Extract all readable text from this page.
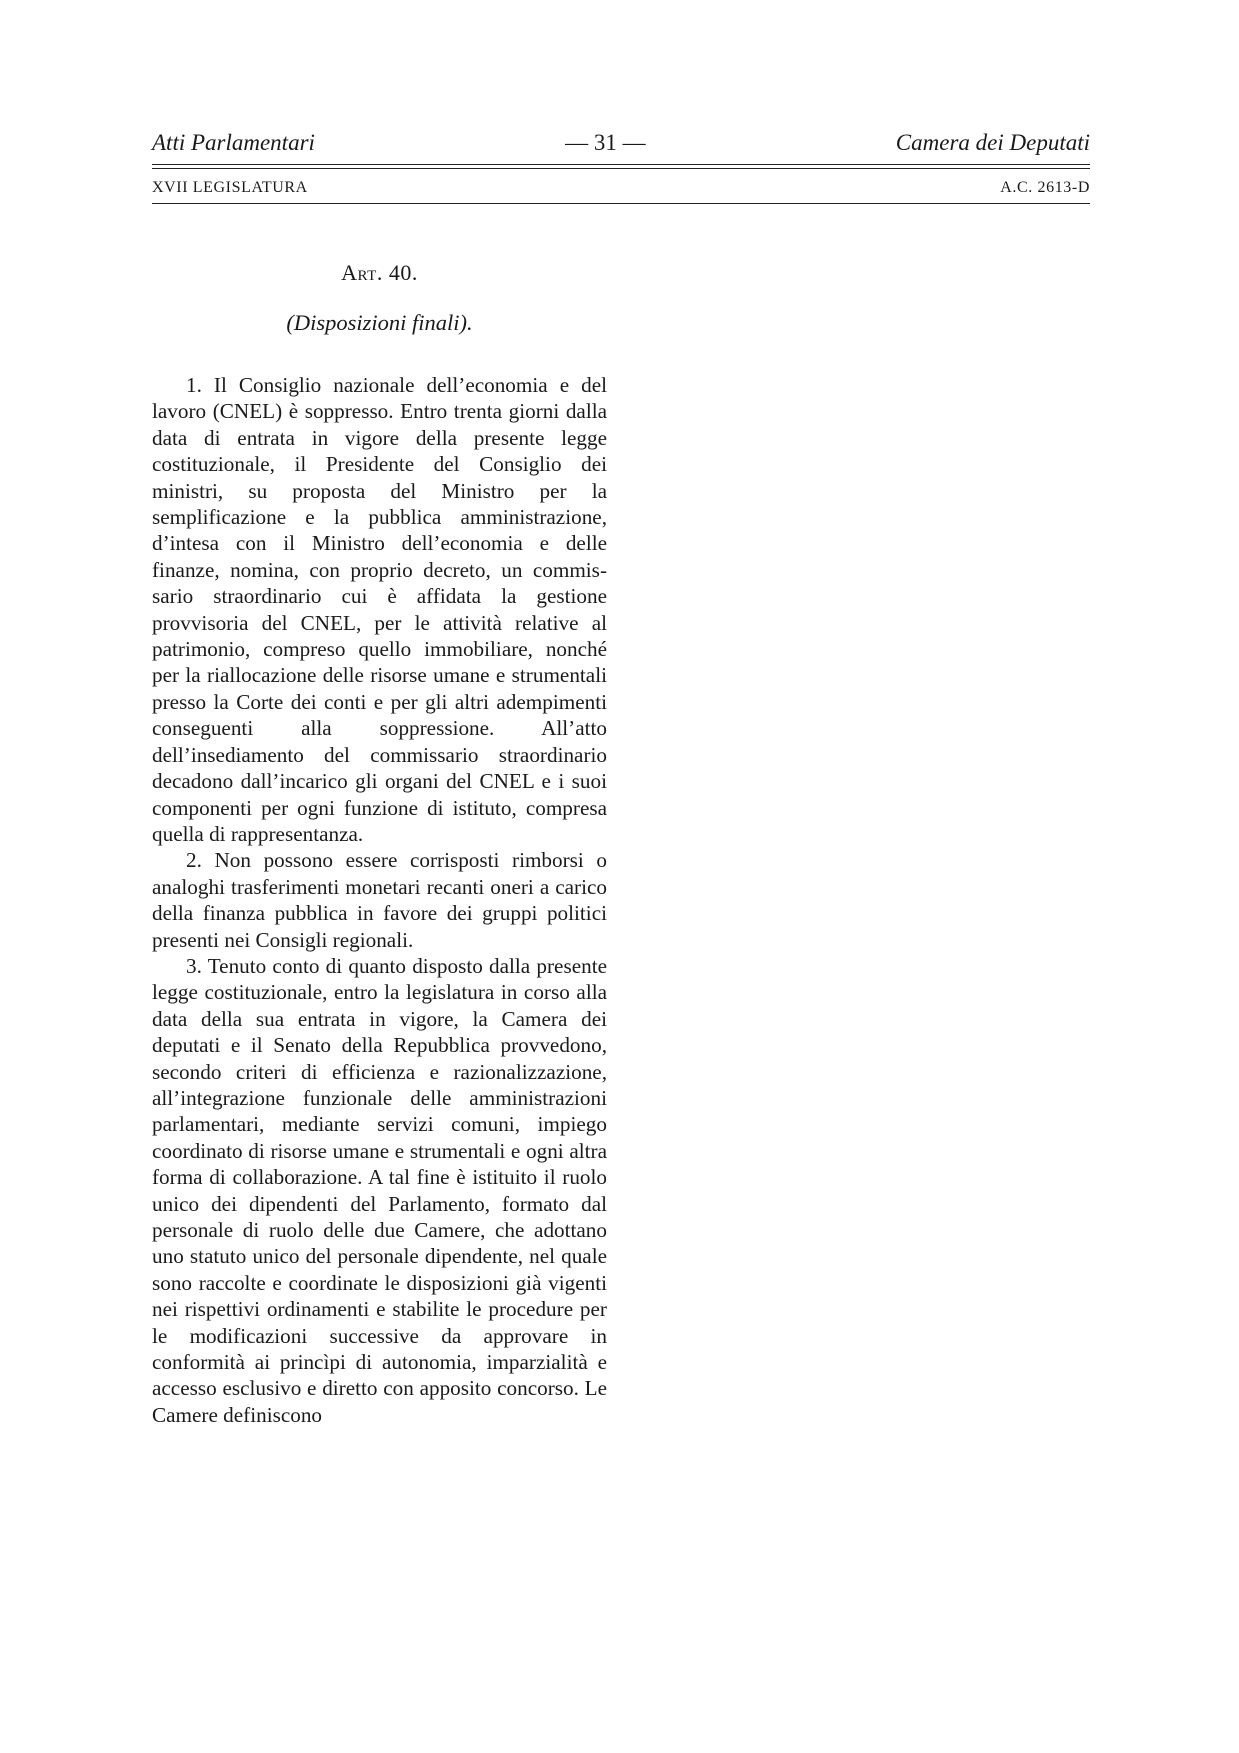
Atti Parlamentari	— 31 —	Camera dei Deputati
XVII LEGISLATURA	A.C. 2613-D
Art. 40.
(Disposizioni finali).

1. Il Consiglio nazionale dell’economia e del lavoro (CNEL) è soppresso. Entro trenta giorni dalla data di entrata in vigore della presente legge costituzionale, il Presidente del Consiglio dei ministri, su proposta del Ministro per la semplificazione e la pubblica amministrazione, d’intesa con il Ministro dell’economia e delle finanze, nomina, con proprio decreto, un commissario straordinario cui è affidata la gestione provvisoria del CNEL, per le attività relative al patrimonio, compreso quello immobiliare, nonché per la riallocazione delle risorse umane e strumentali presso la Corte dei conti e per gli altri adempimenti conseguenti alla soppressione. All’atto dell’insediamento del commissario straordinario decadono dall’incarico gli organi del CNEL e i suoi componenti per ogni funzione di istituto, compresa quella di rappresentanza.

2. Non possono essere corrisposti rimborsi o analoghi trasferimenti monetari recanti oneri a carico della finanza pubblica in favore dei gruppi politici presenti nei Consigli regionali.

3. Tenuto conto di quanto disposto dalla presente legge costituzionale, entro la legislatura in corso alla data della sua entrata in vigore, la Camera dei deputati e il Senato della Repubblica provvedono, secondo criteri di efficienza e razionalizzazione, all’integrazione funzionale delle amministrazioni parlamentari, mediante servizi comuni, impiego coordinato di risorse umane e strumentali e ogni altra forma di collaborazione. A tal fine è istituito il ruolo unico dei dipendenti del Parlamento, formato dal personale di ruolo delle due Camere, che adottano uno statuto unico del personale dipendente, nel quale sono raccolte e coordinate le disposizioni già vigenti nei rispettivi ordinamenti e stabilite le procedure per le modificazioni successive da approvare in conformità ai princìpi di autonomia, imparzialità e accesso esclusivo e diretto con apposito concorso. Le Camere definiscono
